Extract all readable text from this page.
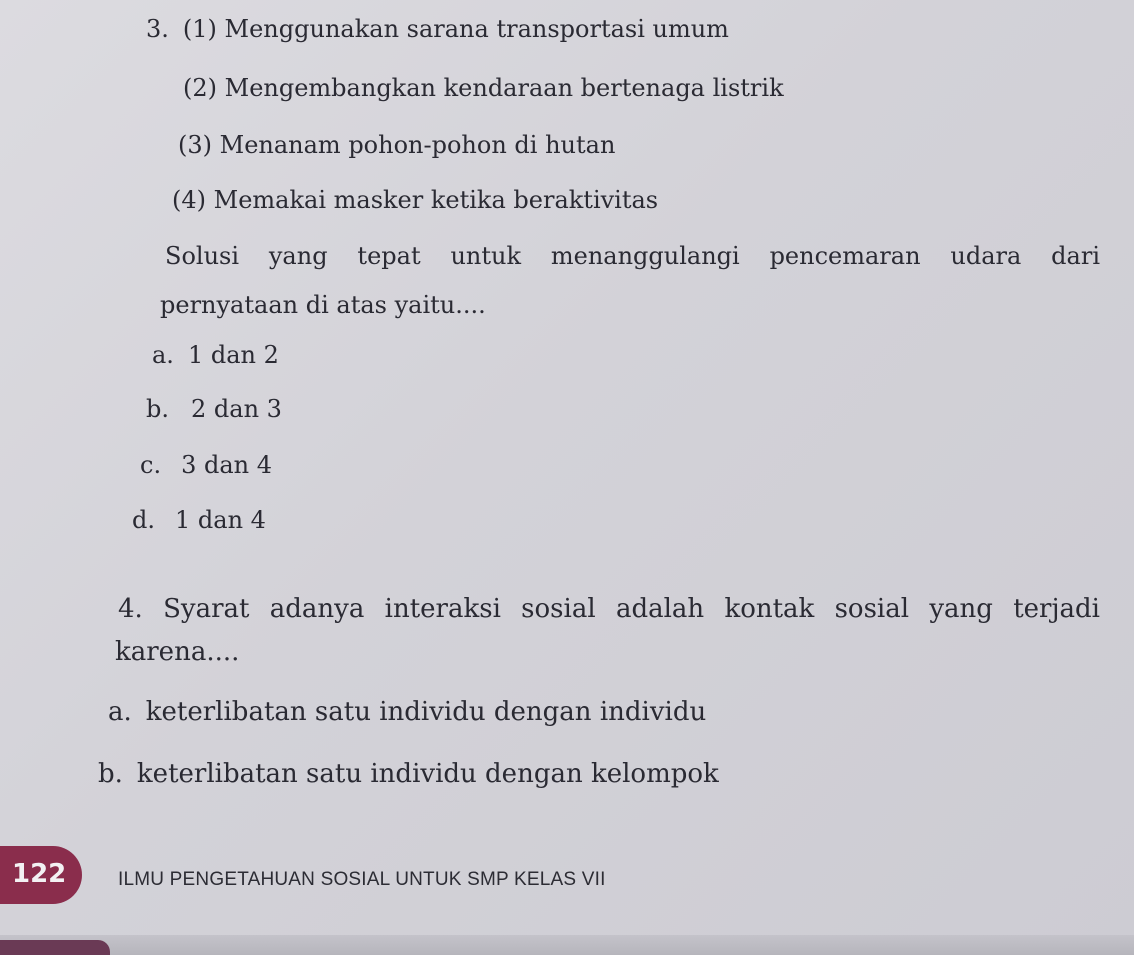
3. (1) Menggunakan sarana transportasi umum
(2) Mengembangkan kendaraan bertenaga listrik
(3) Menanam pohon-pohon di hutan
(4) Memakai masker ketika beraktivitas
Solusi yang tepat untuk menanggulangi pencemaran udara dari
pernyataan di atas yaitu....
a. 1 dan 2
b. 2 dan 3
c. 3 dan 4
d. 1 dan 4
4. Syarat adanya interaksi sosial adalah kontak sosial yang terjadi
karena....
a. keterlibatan satu individu dengan individu
b. keterlibatan satu individu dengan kelompok
122	ILMU PENGETAHUAN SOSIAL UNTUK SMP KELAS VII
